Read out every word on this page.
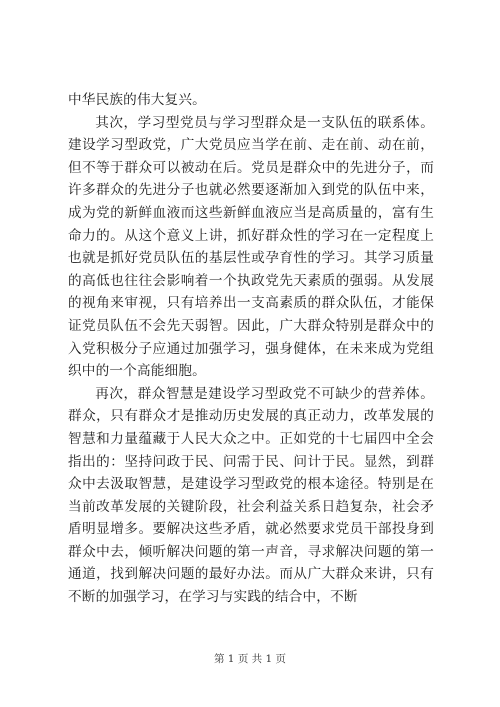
中华民族的伟大复兴。

其次，学习型党员与学习型群众是一支队伍的联系体。建设学习型政党，广大党员应当学在前、走在前、动在前，但不等于群众可以被动在后。党员是群众中的先进分子，而许多群众的先进分子也就必然要逐渐加入到党的队伍中来，成为党的新鲜血液而这些新鲜血液应当是高质量的，富有生命力的。从这个意义上讲，抓好群众性的学习在一定程度上也就是抓好党员队伍的基层性或孕育性的学习。其学习质量的高低也往往会影响着一个执政党先天素质的强弱。从发展的视角来审视，只有培养出一支高素质的群众队伍，才能保证党员队伍不会先天弱智。因此，广大群众特别是群众中的入党积极分子应通过加强学习，强身健体，在未来成为党组织中的一个高能细胞。

再次，群众智慧是建设学习型政党不可缺少的营养体。群众，只有群众才是推动历史发展的真正动力，改革发展的智慧和力量蕴藏于人民大众之中。正如党的十七届四中全会指出的：坚持问政于民、问需于民、问计于民。显然，到群众中去汲取智慧，是建设学习型政党的根本途径。特别是在当前改革发展的关键阶段，社会利益关系日趋复杂，社会矛盾明显增多。要解决这些矛盾，就必然要求党员干部投身到群众中去，倾听解决问题的第一声音，寻求解决问题的第一通道，找到解决问题的最好办法。而从广大群众来讲，只有不断的加强学习，在学习与实践的结合中，不断

第 1 页 共 1 页
